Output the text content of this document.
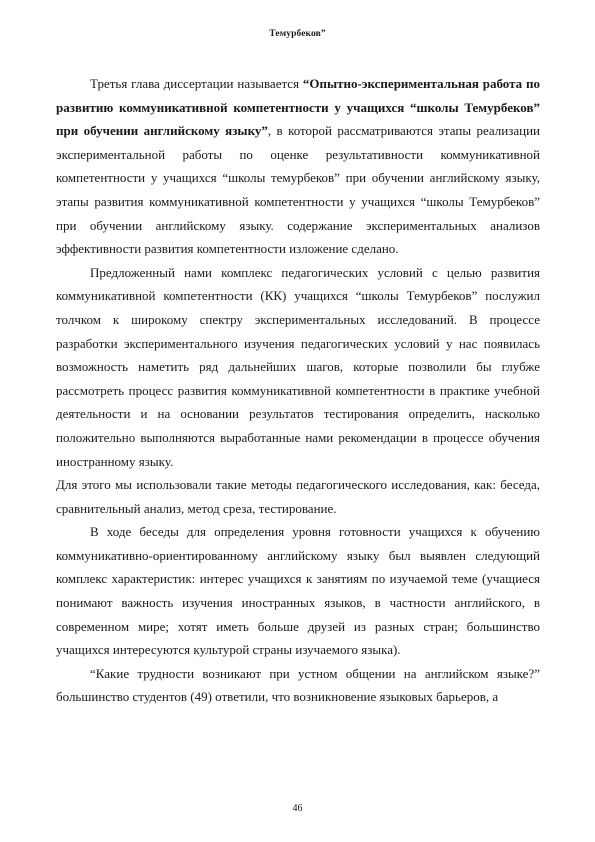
Темурбеков”

Третья глава диссертации называется “Опытно-экспериментальная работа по развитию коммуникативной компетентности у учащихся “школы Темурбеков” при обучении английскому языку”, в которой рассматриваются этапы реализации экспериментальной работы по оценке результативности коммуникативной компетентности у учащихся “школы темурбеков” при обучении английскому языку, этапы развития коммуникативной компетентности у учащихся “школы Темурбеков” при обучении английскому языку. содержание экспериментальных анализов эффективности развития компетентности изложение сделано.

Предложенный нами комплекс педагогических условий с целью развития коммуникативной компетентности (КК) учащихся “школы Темурбеков” послужил толчком к широкому спектру экспериментальных исследований. В процессе разработки экспериментального изучения педагогических условий у нас появилась возможность наметить ряд дальнейших шагов, которые позволили бы глубже рассмотреть процесс развития коммуникативной компетентности в практике учебной деятельности и на основании результатов тестирования определить, насколько положительно выполняются выработанные нами рекомендации в процессе обучения иностранному языку.

Для этого мы использовали такие методы педагогического исследования, как: беседа, сравнительный анализ, метод среза, тестирование.

В ходе беседы для определения уровня готовности учащихся к обучению коммуникативно-ориентированному английскому языку был выявлен следующий комплекс характеристик: интерес учащихся к занятиям по изучаемой теме (учащиеся понимают важность изучения иностранных языков, в частности английского, в современном мире; хотят иметь больше друзей из разных стран; большинство учащихся интересуются культурой страны изучаемого языка).

“Какие трудности возникают при устном общении на английском языке?” большинство студентов (49) ответили, что возникновение языковых барьеров, а

46
